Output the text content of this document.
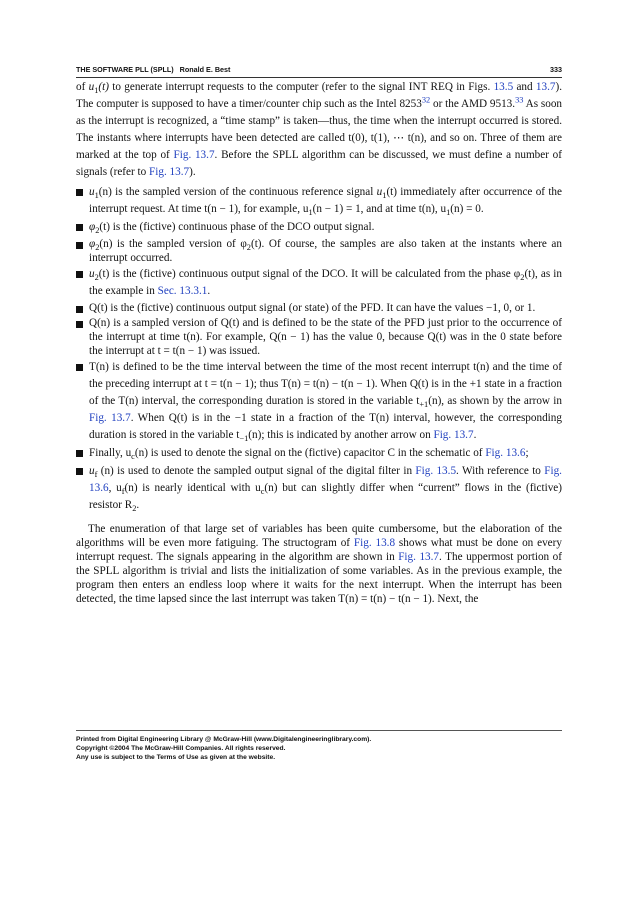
THE SOFTWARE PLL (SPLL)   Ronald E. Best	333

of $u_1(t)$ to generate interrupt requests to the computer (refer to the signal INT REQ in Figs. 13.5 and 13.7). The computer is supposed to have a timer/counter chip such as the Intel 8253$^{32}$ or the AMD 9513.33 As soon as the interrupt is recognized, a “time stamp” is taken—thus, the time when the interrupt occurred is stored. The instants where interrupts have been detected are called t(0), t(1), ⋯ t(n), and so on. Three of them are marked at the top of Fig. 13.7. Before the SPLL algorithm can be discussed, we must define a number of signals (refer to Fig. 13.7).

$u_1(n)$ is the sampled version of the continuous reference signal $u_1(t)$ immediately after occurrence of the interrupt request. At time t(n − 1), for example, $u_1(n - 1) = 1$, and at time t(n), $u_1(n) = 0$.
$\varphi_2(t)$ is the (fictive) continuous phase of the DCO output signal.
$\varphi_2(n)$ is the sampled version of $\varphi_2(t)$. Of course, the samples are also taken at the instants where an interrupt occurred.
$u_2(t)$ is the (fictive) continuous output signal of the DCO. It will be calculated from the phase $\varphi_2(t)$, as in the example in Sec. 13.3.1.
Q(t) is the (fictive) continuous output signal (or state) of the PFD. It can have the values −1, 0, or 1.
Q(n) is a sampled version of Q(t) and is defined to be the state of the PFD just prior to the occurrence of the interrupt at time t(n). For example, Q(n − 1) has the value 0, because Q(t) was in the 0 state before the interrupt at t = t(n − 1) was issued.
T(n) is defined to be the time interval between the time of the most recent interrupt t(n) and the time of the preceding interrupt at t = t(n − 1); thus T(n) = t(n) − t(n − 1). When Q(t) is in the +1 state in a fraction of the T(n) interval, the corresponding duration is stored in the variable $t_{+1}(n)$, as shown by the arrow in Fig. 13.7. When Q(t) is in the −1 state in a fraction of the T(n) interval, however, the corresponding duration is stored in the variable $t_{-1}(n)$; this is indicated by another arrow on Fig. 13.7.
Finally, $u_c(n)$ is used to denote the signal on the (fictive) capacitor C in the schematic of Fig. 13.6;
$u_f$ (n) is used to denote the sampled output signal of the digital filter in Fig. 13.5. With reference to Fig. 13.6, $u_f(n)$ is nearly identical with $u_c(n)$ but can slightly differ when “current” flows in the (fictive) resistor $R_2$.

The enumeration of that large set of variables has been quite cumbersome, but the elaboration of the algorithms will be even more fatiguing. The structogram of Fig. 13.8 shows what must be done on every interrupt request. The signals appearing in the algorithm are shown in Fig. 13.7. The uppermost portion of the SPLL algorithm is trivial and lists the initialization of some variables. As in the previous example, the program then enters an endless loop where it waits for the next interrupt. When the interrupt has been detected, the time lapsed since the last interrupt was taken T(n) = t(n) − t(n − 1). Next, the

Printed from Digital Engineering Library @ McGraw-Hill (www.Digitalengineeringlibrary.com).
Copyright ©2004 The McGraw-Hill Companies. All rights reserved.
Any use is subject to the Terms of Use as given at the website.
